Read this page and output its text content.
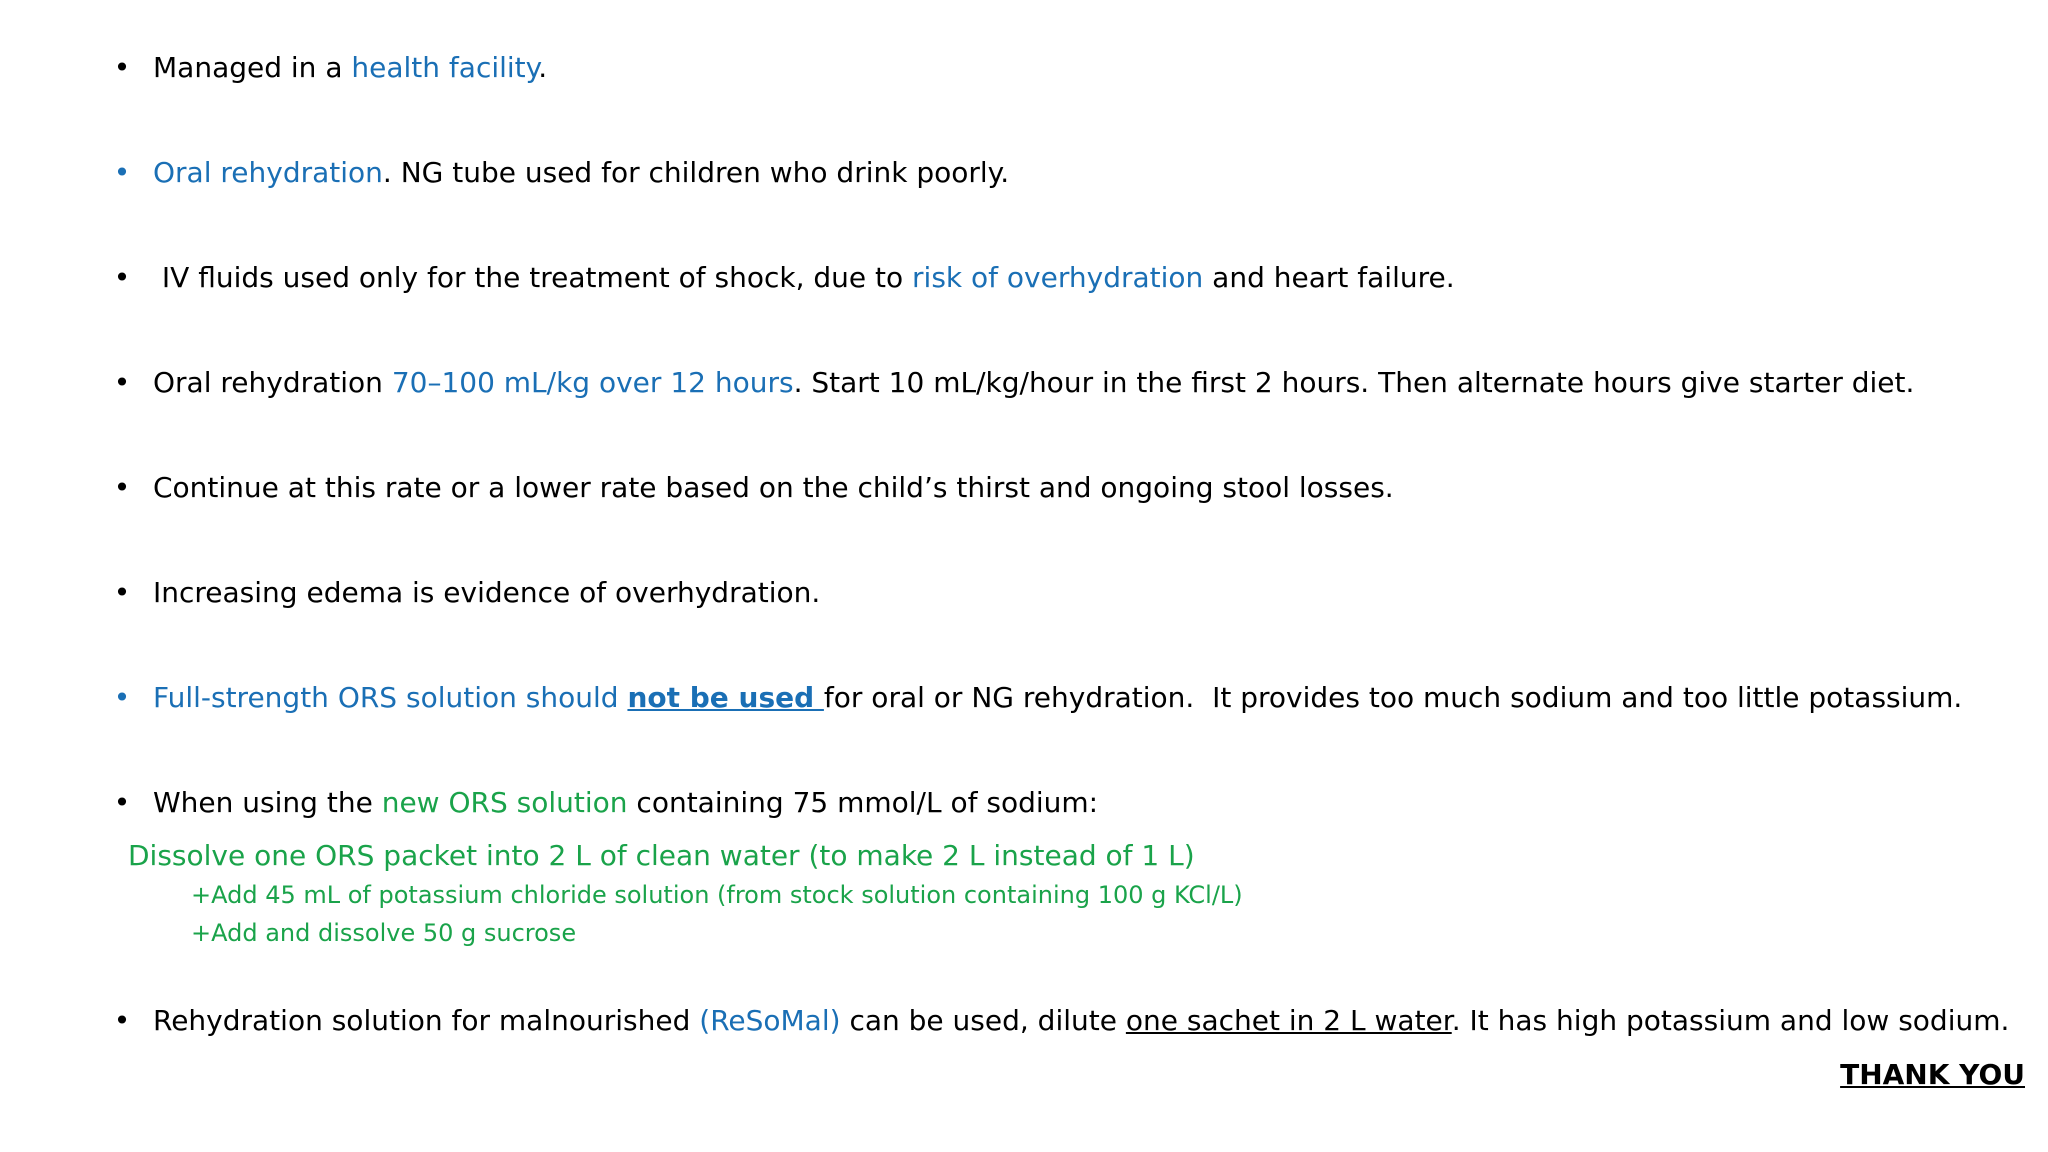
• Managed in a health facility.
• Oral rehydration. NG tube used for children who drink poorly.
• IV fluids used only for the treatment of shock, due to risk of overhydration and heart failure.
• Oral rehydration 70–100 mL/kg over 12 hours. Start 10 mL/kg/hour in the first 2 hours. Then alternate hours give starter diet.
• Continue at this rate or a lower rate based on the child’s thirst and ongoing stool losses.
• Increasing edema is evidence of overhydration.
• Full-strength ORS solution should not be used for oral or NG rehydration.  It provides too much sodium and too little potassium.
• When using the new ORS solution containing 75 mmol/L of sodium:
Dissolve one ORS packet into 2 L of clean water (to make 2 L instead of 1 L)
+Add 45 mL of potassium chloride solution (from stock solution containing 100 g KCl/L)
+Add and dissolve 50 g sucrose
• Rehydration solution for malnourished (ReSoMal) can be used, dilute one sachet in 2 L water. It has high potassium and low sodium.
THANK YOU
